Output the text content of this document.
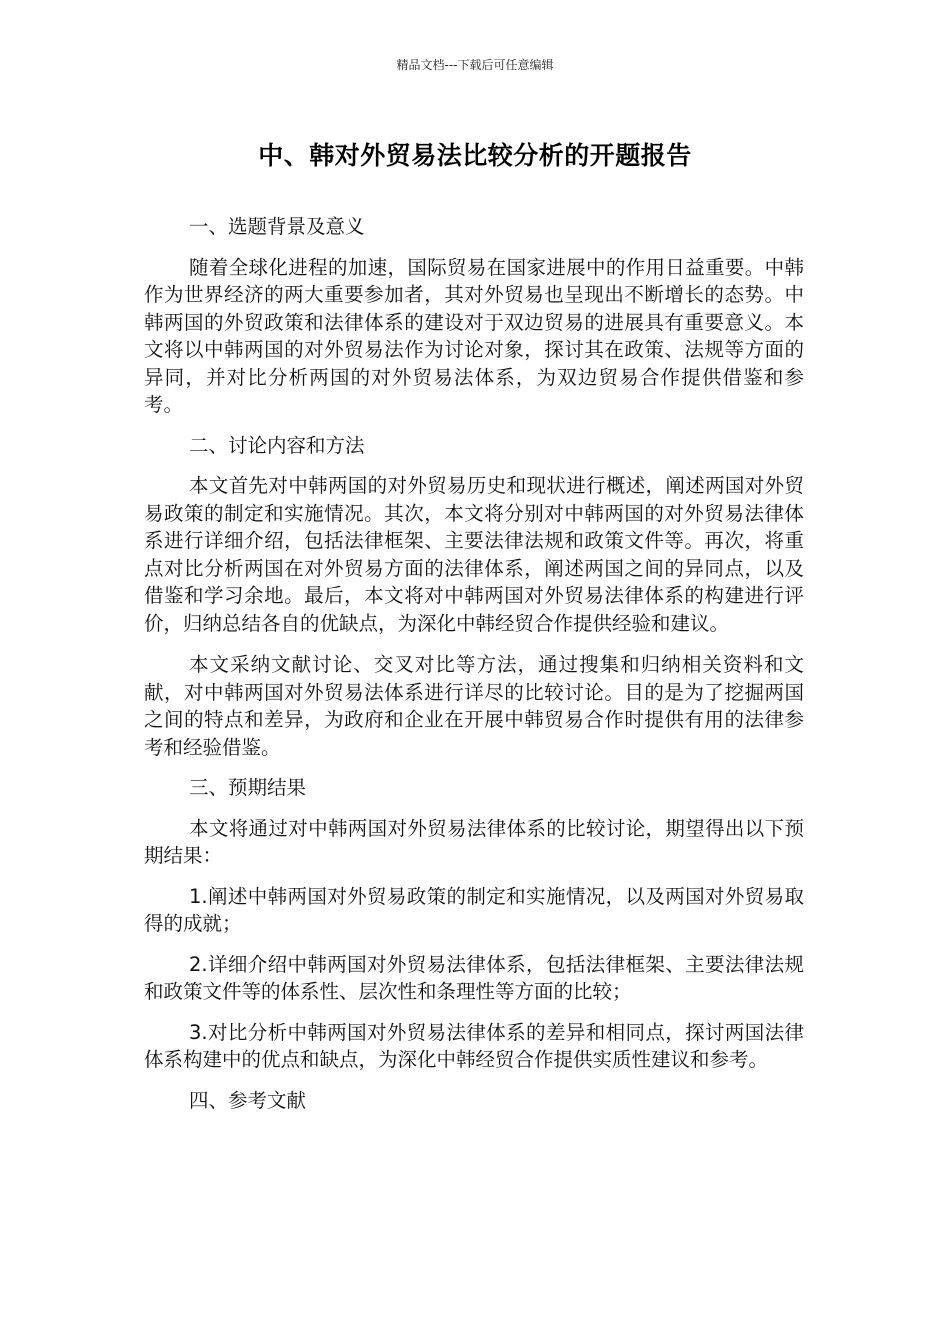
精品文档---下载后可任意编辑
中、韩对外贸易法比较分析的开题报告

一、选题背景及意义

随着全球化进程的加速，国际贸易在国家进展中的作用日益重要。中韩作为世界经济的两大重要参加者，其对外贸易也呈现出不断增长的态势。中韩两国的外贸政策和法律体系的建设对于双边贸易的进展具有重要意义。本文将以中韩两国的对外贸易法作为讨论对象，探讨其在政策、法规等方面的异同，并对比分析两国的对外贸易法体系，为双边贸易合作提供借鉴和参考。

二、讨论内容和方法

本文首先对中韩两国的对外贸易历史和现状进行概述，阐述两国对外贸易政策的制定和实施情况。其次，本文将分别对中韩两国的对外贸易法律体系进行详细介绍，包括法律框架、主要法律法规和政策文件等。再次，将重点对比分析两国在对外贸易方面的法律体系，阐述两国之间的异同点，以及借鉴和学习余地。最后，本文将对中韩两国对外贸易法律体系的构建进行评价，归纳总结各自的优缺点，为深化中韩经贸合作提供经验和建议。

本文采纳文献讨论、交叉对比等方法，通过搜集和归纳相关资料和文献，对中韩两国对外贸易法体系进行详尽的比较讨论。目的是为了挖掘两国之间的特点和差异，为政府和企业在开展中韩贸易合作时提供有用的法律参考和经验借鉴。

三、预期结果

本文将通过对中韩两国对外贸易法律体系的比较讨论，期望得出以下预期结果：

1.阐述中韩两国对外贸易政策的制定和实施情况，以及两国对外贸易取得的成就；

2.详细介绍中韩两国对外贸易法律体系，包括法律框架、主要法律法规和政策文件等的体系性、层次性和条理性等方面的比较；

3.对比分析中韩两国对外贸易法律体系的差异和相同点，探讨两国法律体系构建中的优点和缺点，为深化中韩经贸合作提供实质性建议和参考。

四、参考文献
